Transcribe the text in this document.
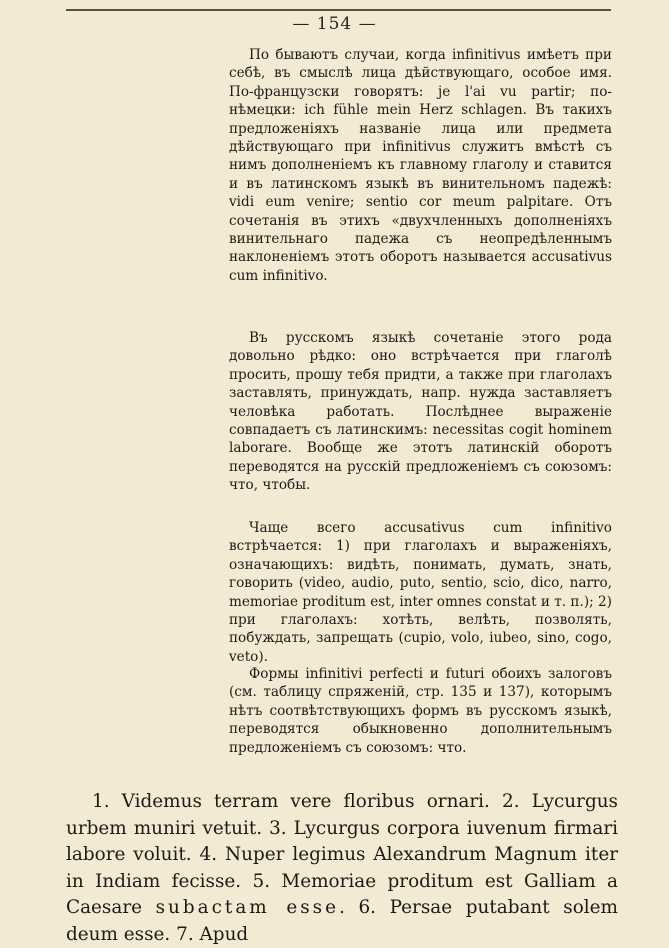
— 154 —

По бываютъ случаи, когда infinitivus имѣетъ при себѣ, въ смыслѣ лица дѣйствующаго, особое имя. По-французски говорятъ: je l'ai vu partir; по-нѣмецки: ich fühle mein Herz schlagen. Въ такихъ предложеніяхъ названіе лица или предмета дѣйствующаго при infinitivus служитъ вмѣстѣ съ нимъ дополненіемъ къ главному глаголу и ставится и въ латинскомъ языкѣ въ винительномъ падежѣ: vidi eum venire; sentio cor meum palpitare. Отъ сочетанія въ этихъ «двухчленныхъ дополненіяхъ винительнаго падежа съ неопредѣленнымъ наклоненіемъ этотъ оборотъ называется accusativus cum infinitivo.

Въ русскомъ языкѣ сочетаніе этого рода довольно рѣдко: оно встрѣчается при глаголѣ просить, прошу тебя придти, а также при глаголахъ заставлять, принуждать, напр. нужда заставляетъ человѣка работать. Послѣднее выраженіе совпадаетъ съ латинскимъ: necessitas cogit hominem laborare. Вообще же этотъ латинскій оборотъ переводятся на русскій предложеніемъ съ союзомъ: что, чтобы.

Чаще всего accusativus cum infinitivo встрѣчается: 1) при глаголахъ и выраженіяхъ, означающихъ: видѣть, понимать, думать, знать, говорить (video, audio, puto, sentio, scio, dico, narro, memoriae proditum est, inter omnes constat и т. п.); 2) при глаголахъ: хотѣть, велѣть, позволять, побуждать, запрещать (cupio, volo, iubeo, sino, cogo, veto).

Формы infinitivi perfecti и futuri обоихъ залоговъ (см. таблицу спряженій, стр. 135 и 137), которымъ нѣтъ соотвѣтствующихъ формъ въ русскомъ языкѣ, переводятся обыкновенно дополнительнымъ предложеніемъ съ союзомъ: что.

1. Videmus terram vere floribus ornari. 2. Lycurgus urbem muniri vetuit. 3. Lycurgus corpora iuvenum firmari labore voluit. 4. Nuper legimus Alexandrum Magnum iter in Indiam fecisse. 5. Memoriae proditum est Galliam a Caesare subactam esse. 6. Persae putabant solem deum esse. 7. Apud
